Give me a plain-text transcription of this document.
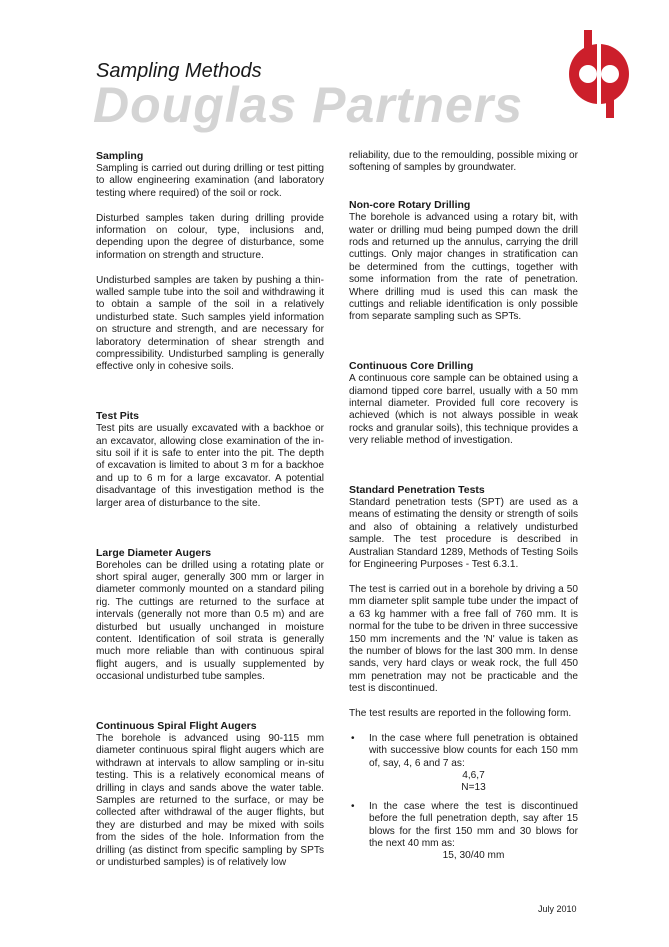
Sampling Methods
Douglas Partners
Sampling

Sampling is carried out during drilling or test pitting to allow engineering examination (and laboratory testing where required) of the soil or rock.

Disturbed samples taken during drilling provide information on colour, type, inclusions and, depending upon the degree of disturbance, some information on strength and structure.

Undisturbed samples are taken by pushing a thin-walled sample tube into the soil and withdrawing it to obtain a sample of the soil in a relatively undisturbed state. Such samples yield information on structure and strength, and are necessary for laboratory determination of shear strength and compressibility. Undisturbed sampling is generally effective only in cohesive soils.

Test Pits

Test pits are usually excavated with a backhoe or an excavator, allowing close examination of the in-situ soil if it is safe to enter into the pit. The depth of excavation is limited to about 3 m for a backhoe and up to 6 m for a large excavator. A potential disadvantage of this investigation method is the larger area of disturbance to the site.

Large Diameter Augers

Boreholes can be drilled using a rotating plate or short spiral auger, generally 300 mm or larger in diameter commonly mounted on a standard piling rig. The cuttings are returned to the surface at intervals (generally not more than 0.5 m) and are disturbed but usually unchanged in moisture content. Identification of soil strata is generally much more reliable than with continuous spiral flight augers, and is usually supplemented by occasional undisturbed tube samples.

Continuous Spiral Flight Augers

The borehole is advanced using 90-115 mm diameter continuous spiral flight augers which are withdrawn at intervals to allow sampling or in-situ testing. This is a relatively economical means of drilling in clays and sands above the water table. Samples are returned to the surface, or may be collected after withdrawal of the auger flights, but they are disturbed and may be mixed with soils from the sides of the hole. Information from the drilling (as distinct from specific sampling by SPTs or undisturbed samples) is of relatively low

reliability, due to the remoulding, possible mixing or softening of samples by groundwater.

Non-core Rotary Drilling

The borehole is advanced using a rotary bit, with water or drilling mud being pumped down the drill rods and returned up the annulus, carrying the drill cuttings. Only major changes in stratification can be determined from the cuttings, together with some information from the rate of penetration. Where drilling mud is used this can mask the cuttings and reliable identification is only possible from separate sampling such as SPTs.

Continuous Core Drilling

A continuous core sample can be obtained using a diamond tipped core barrel, usually with a 50 mm internal diameter. Provided full core recovery is achieved (which is not always possible in weak rocks and granular soils), this technique provides a very reliable method of investigation.

Standard Penetration Tests

Standard penetration tests (SPT) are used as a means of estimating the density or strength of soils and also of obtaining a relatively undisturbed sample. The test procedure is described in Australian Standard 1289, Methods of Testing Soils for Engineering Purposes - Test 6.3.1.

The test is carried out in a borehole by driving a 50 mm diameter split sample tube under the impact of a 63 kg hammer with a free fall of 760 mm. It is normal for the tube to be driven in three successive 150 mm increments and the 'N' value is taken as the number of blows for the last 300 mm. In dense sands, very hard clays or weak rock, the full 450 mm penetration may not be practicable and the test is discontinued.

The test results are reported in the following form.

• In the case where full penetration is obtained with successive blow counts for each 150 mm of, say, 4, 6 and 7 as:
4,6,7
N=13
• In the case where the test is discontinued before the full penetration depth, say after 15 blows for the first 150 mm and 30 blows for the next 40 mm as:
15, 30/40 mm
July 2010
